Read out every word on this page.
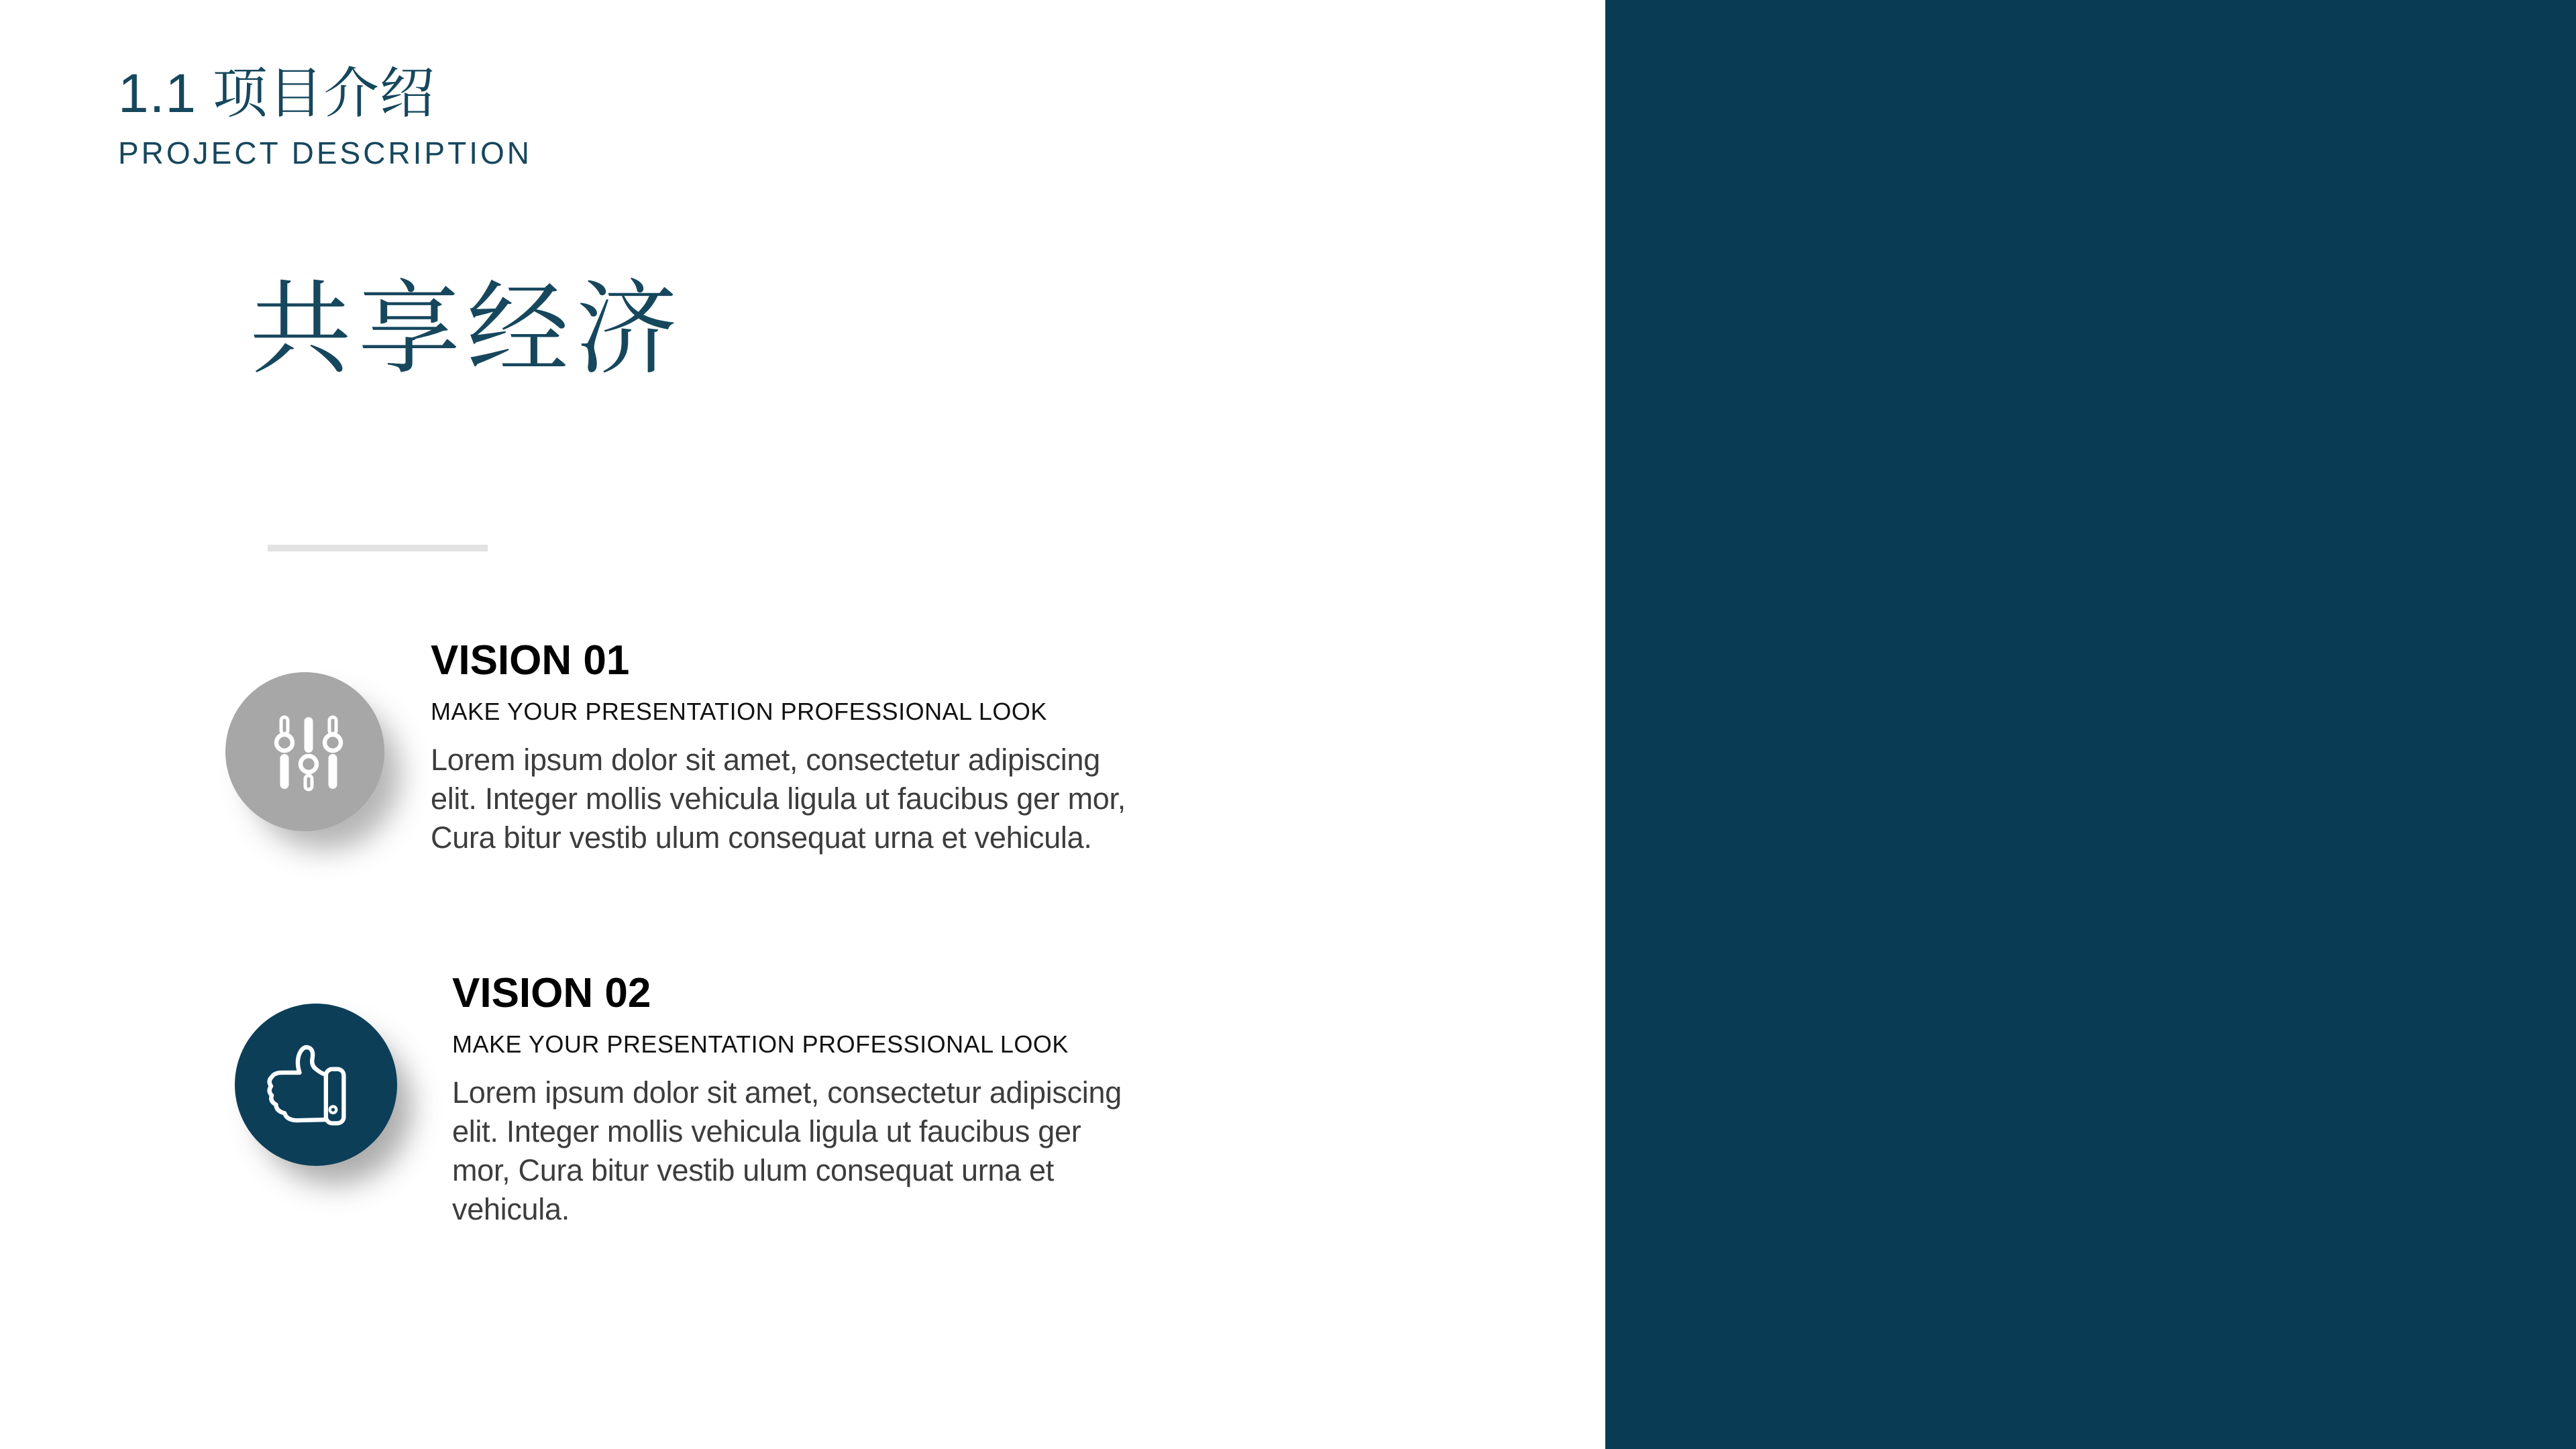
1.1 项目介绍
PROJECT DESCRIPTION
共享经济
VISION 01
MAKE YOUR PRESENTATION PROFESSIONAL LOOK
Lorem ipsum dolor sit amet, consectetur adipiscing
elit. Integer mollis vehicula ligula ut faucibus ger mor,
Cura bitur vestib ulum consequat urna et vehicula.
VISION 02
MAKE YOUR PRESENTATION PROFESSIONAL LOOK
Lorem ipsum dolor sit amet, consectetur adipiscing
elit. Integer mollis vehicula ligula ut faucibus ger
mor, Cura bitur vestib ulum consequat urna et
vehicula.
